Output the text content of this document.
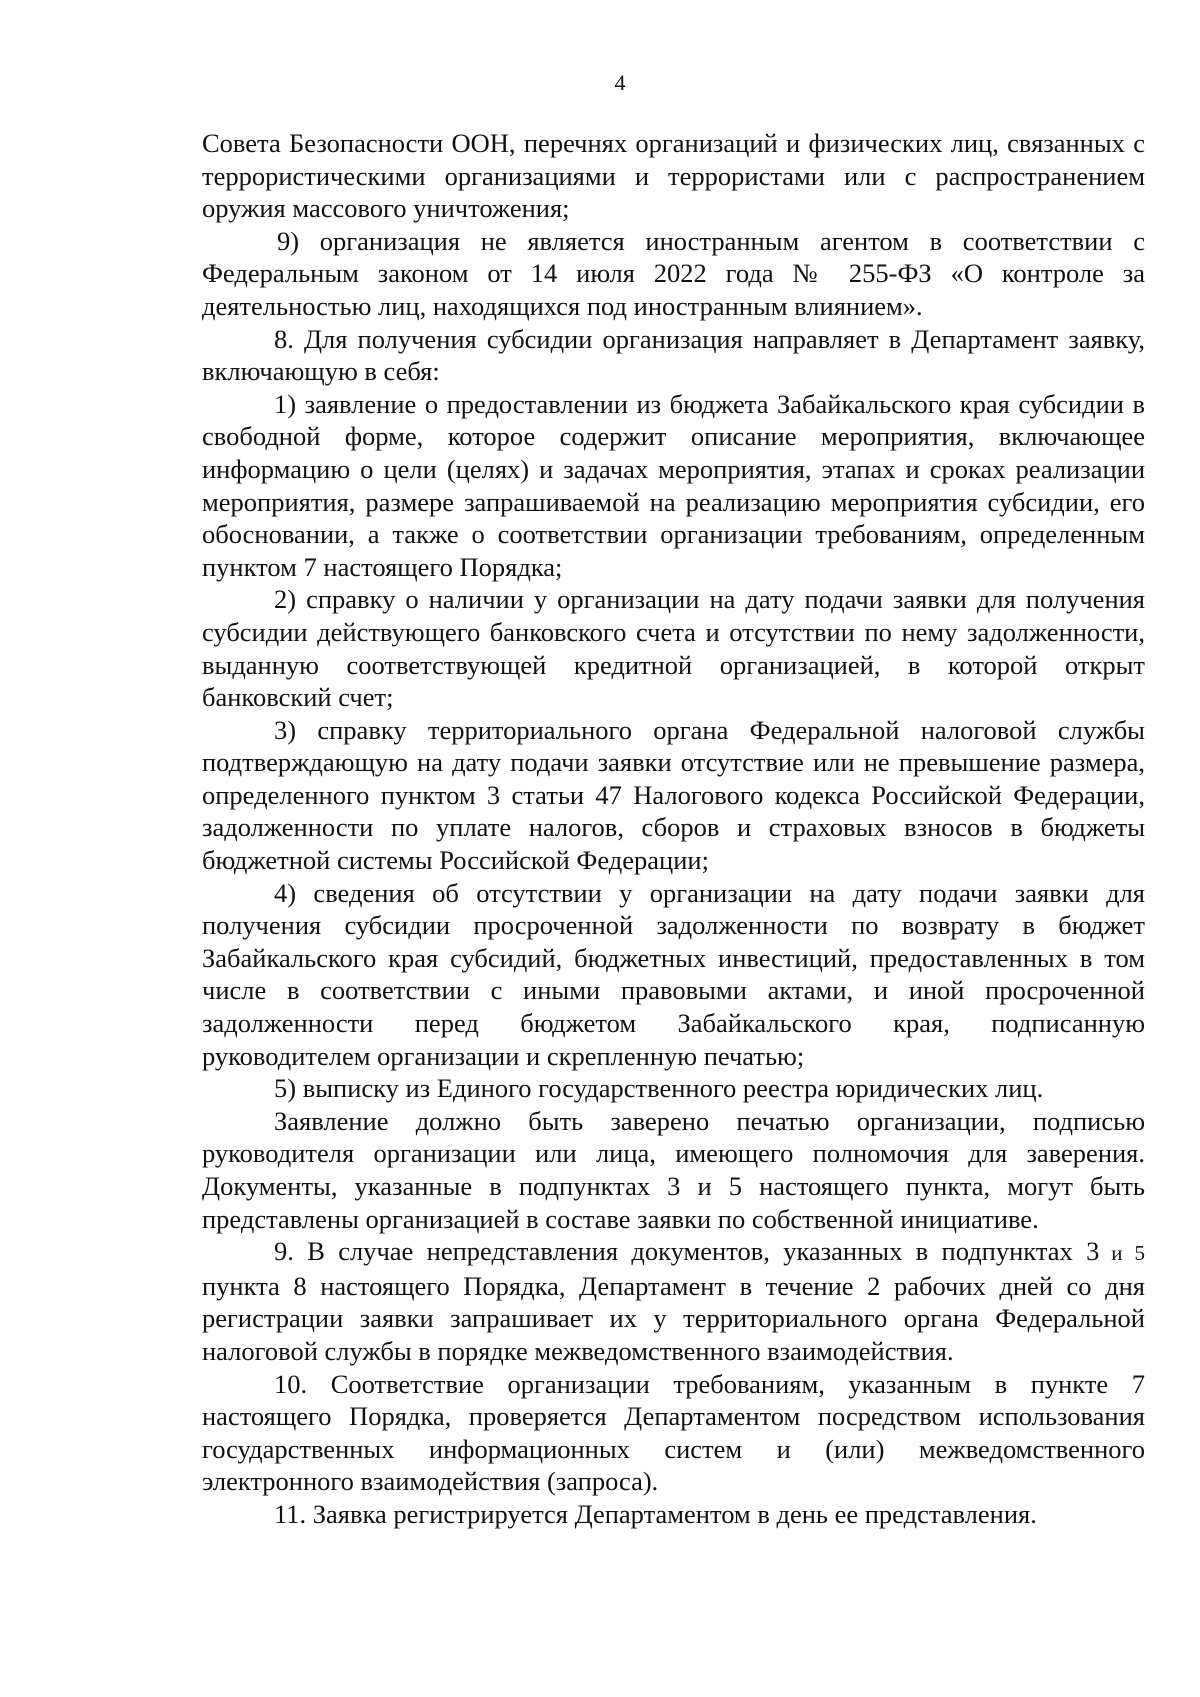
4

Совета Безопасности ООН, перечнях организаций и физических лиц, связанных с террористическими организациями и террористами или с распространением оружия массового уничтожения;

9) организация не является иностранным агентом в соответствии с Федеральным законом от 14 июля 2022 года № 255-ФЗ «О контроле за деятельностью лиц, находящихся под иностранным влиянием».

8. Для получения субсидии организация направляет в Департамент заявку, включающую в себя:

1) заявление о предоставлении из бюджета Забайкальского края субсидии в свободной форме, которое содержит описание мероприятия, включающее информацию о цели (целях) и задачах мероприятия, этапах и сроках реализации мероприятия, размере запрашиваемой на реализацию мероприятия субсидии, его обосновании, а также о соответствии организации требованиям, определенным пунктом 7 настоящего Порядка;

2) справку о наличии у организации на дату подачи заявки для получения субсидии действующего банковского счета и отсутствии по нему задолженности, выданную соответствующей кредитной организацией, в которой открыт банковский счет;

3) справку территориального органа Федеральной налоговой службы подтверждающую на дату подачи заявки отсутствие или не превышение размера, определенного пунктом 3 статьи 47 Налогового кодекса Российской Федерации, задолженности по уплате налогов, сборов и страховых взносов в бюджеты бюджетной системы Российской Федерации;

4) сведения об отсутствии у организации на дату подачи заявки для получения субсидии просроченной задолженности по возврату в бюджет Забайкальского края субсидий, бюджетных инвестиций, предоставленных в том числе в соответствии с иными правовыми актами, и иной просроченной задолженности перед бюджетом Забайкальского края, подписанную руководителем организации и скрепленную печатью;

5) выписку из Единого государственного реестра юридических лиц.

Заявление должно быть заверено печатью организации, подписью руководителя организации или лица, имеющего полномочия для заверения. Документы, указанные в подпунктах 3 и 5 настоящего пункта, могут быть представлены организацией в составе заявки по собственной инициативе.

9. В случае непредставления документов, указанных в подпунктах 3 и 5 пункта 8 настоящего Порядка, Департамент в течение 2 рабочих дней со дня регистрации заявки запрашивает их у территориального органа Федеральной налоговой службы в порядке межведомственного взаимодействия.

10. Соответствие организации требованиям, указанным в пункте 7 настоящего Порядка, проверяется Департаментом посредством использования государственных информационных систем и (или) межведомственного электронного взаимодействия (запроса).

11. Заявка регистрируется Департаментом в день ее представления.
